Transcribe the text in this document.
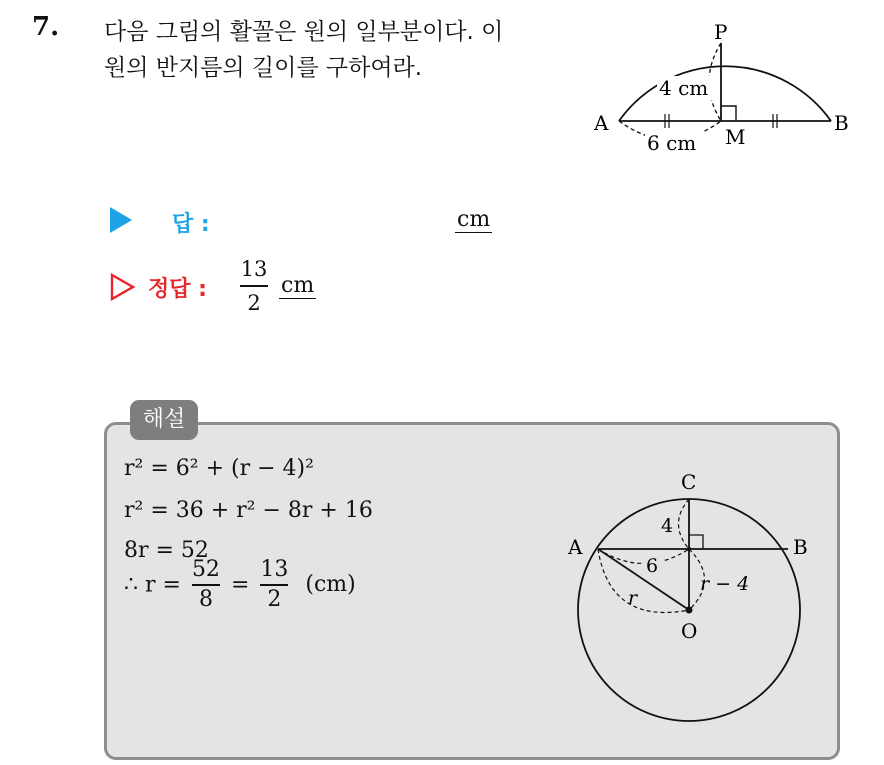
7. 다음 그림의 활꼴은 원의 일부분이다. 이
원의 반지름의 길이를 구하여라.
P
A	B
M
4 cm
6 cm
답 :	cm
정답 :
13
2
cm
해설
r² = 6² + (r − 4)²
r² = 36 + r² − 8r + 16
8r = 52
∴ $r = \frac{52}{8} = \frac{13}{2} (cm)$
C
A	B
O
4
6
r − 4
r
